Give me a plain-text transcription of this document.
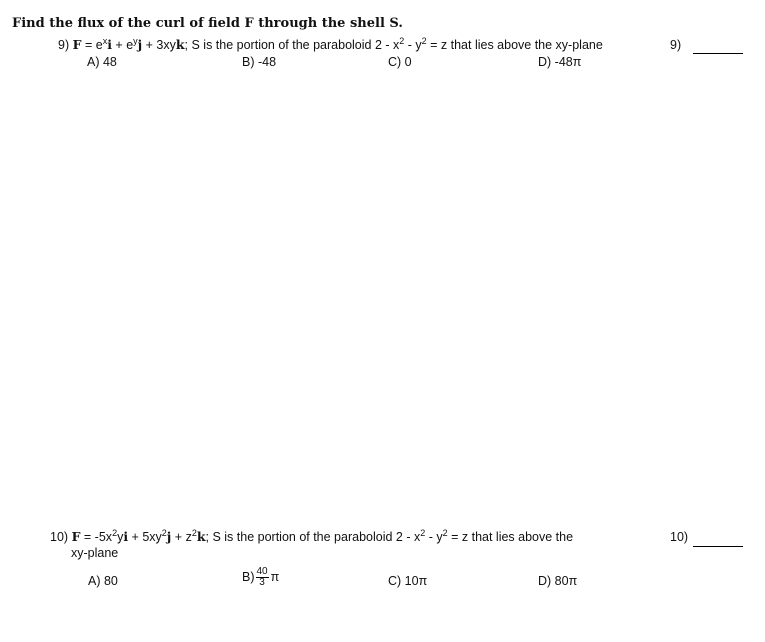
Find the flux of the curl of field F through the shell S.
9) $F = e^xi + e^yj + 3xyk$; S is the portion of the paraboloid $2 - x^2 - y^2 = z$ that lies above the xy-plane
A) 48	B) -48	C) 0	D) -48π
9)
10) $F = -5x^2yi + 5xy^2j + z^2k$; S is the portion of the paraboloid $2 - x^2 - y^2 = z$ that lies above the
xy-plane
A) 80	$B) \frac{40}{3}$ π	C) 10π	D) 80π
10)
